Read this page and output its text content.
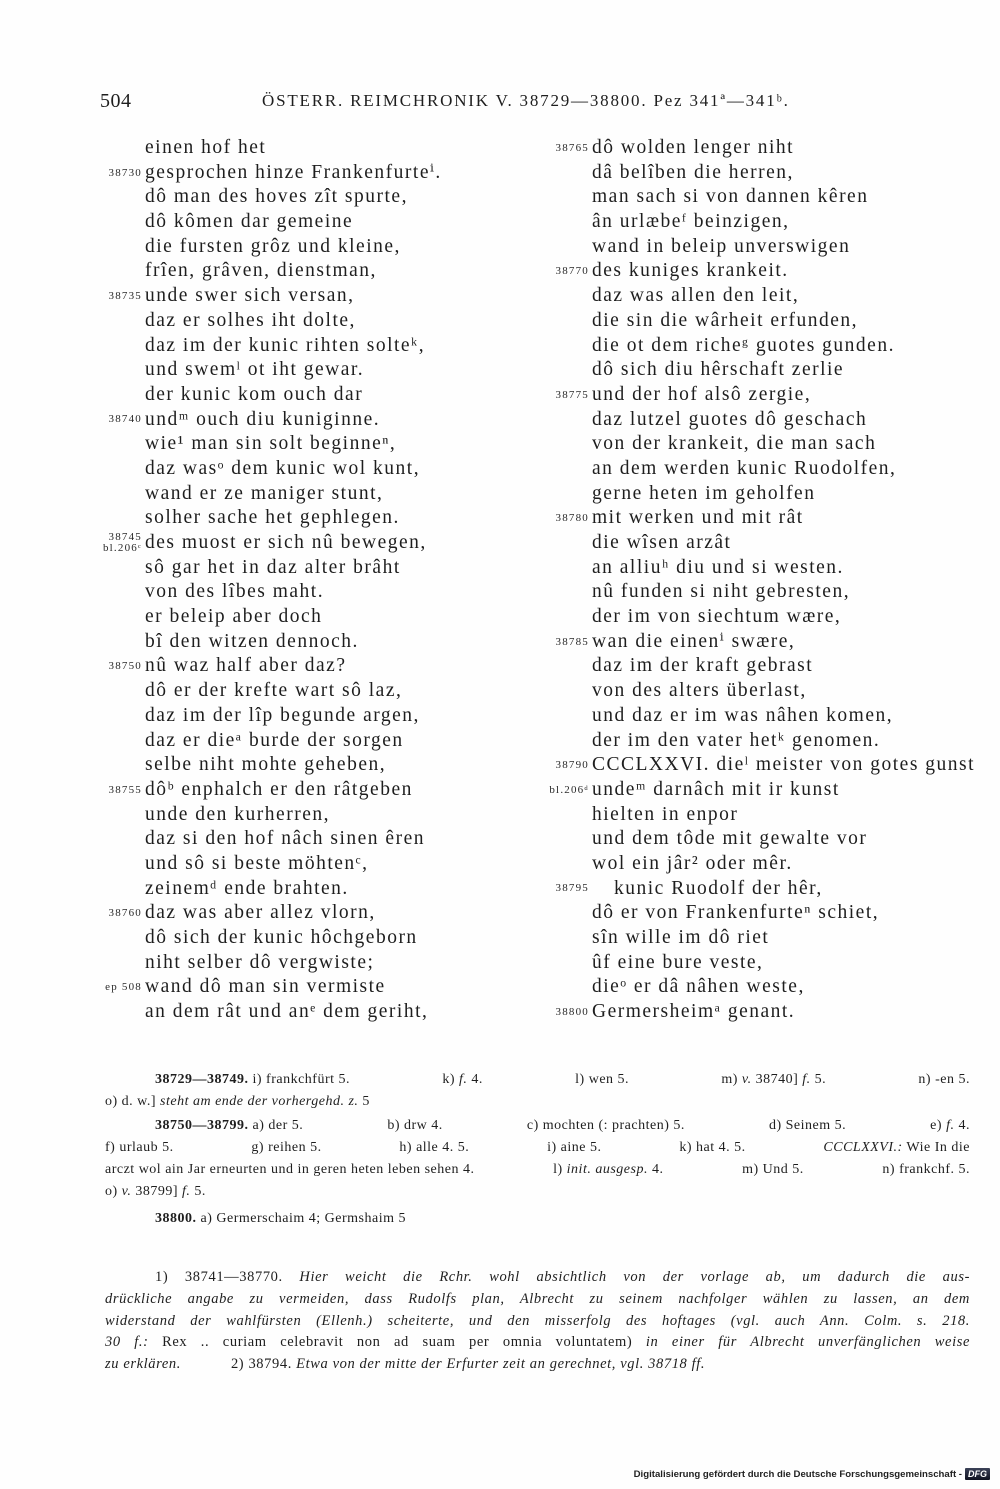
504	ÖSTERR. REIMCHRONIK V. 38729—38800. Pez 341ª—341ᵇ.
einen hof het
38730 gesprochen hinze Frankenfurteⁱ.
dô man des hoves zît spurte,
dô kômen dar gemeine
die fursten grôz und kleine,
frîen, grâven, dienstman,
38735 unde swer sich versan,
daz er solhes iht dolte,
daz im der kunic rihten solteᵏ,
und swemˡ ot iht gewar.
der kunic kom ouch dar
38740 undᵐ ouch diu kuniginne.
wie¹ man sin solt beginneⁿ,
daz wasᵒ dem kunic wol kunt,
wand er ze maniger stunt,
solher sache het gephlegen.
38745
bl.206ᶜ des muost er sich nû bewegen,
sô gar het in daz alter brâht
von des lîbes maht.
er beleip aber doch
bî den witzen dennoch.
38750 nû waz half aber daz?
dô er der krefte wart sô laz,
daz im der lîp begunde argen,
daz er dieᵃ burde der sorgen
selbe niht mohte geheben,
38755 dôᵇ enphalch er den râtgeben
unde den kurherren,
daz si den hof nâch sinen êren
und sô si beste möhtenᶜ,
zeinemᵈ ende brahten.
38760 daz was aber allez vlorn,
dô sich der kunic hôchgeborn
niht selber dô vergwiste;
ep 508 wand dô man sin vermiste
an dem rât und anᵉ dem geriht,
38765 dô wolden lenger niht
dâ belîben die herren,
man sach si von dannen kêren
ân urlæbeᶠ beinzigen,
wand in beleip unverswigen
38770 des kuniges krankeit.
daz was allen den leit,
die sin die wârheit erfunden,
die ot dem richeᵍ guotes gunden.
dô sich diu hêrschaft zerlie
38775 und der hof alsô zergie,
daz lutzel guotes dô geschach
von der krankeit, die man sach
an dem werden kunic Ruodolfen,
gerne heten im geholfen
38780 mit werken und mit rât
die wîsen arzât
an alliuʰ diu und si westen.
nû funden si niht gebresten,
der im von siechtum wære,
38785 wan die einenⁱ swære,
daz im der kraft gebrast
von des alters überlast,
und daz er im was nâhen komen,
der im den vater hetᵏ genomen.
38790 CCCLXXVI. dieˡ meister von gotes gunst
bl.206ᵈ undeᵐ darnâch mit ir kunst
hielten in enpor
und dem tôde mit gewalte vor
wol ein jâr² oder mêr.
38795 kunic Ruodolf der hêr,
dô er von Frankenfurteⁿ schiet,
sîn wille im dô riet
ûf eine bure veste,
dieᵒ er dâ nâhen weste,
38800 Germersheimᵃ genant.
38729—38749. i) frankchfürt 5.	k) f. 4.	l) wen 5.	m) v. 38740] f. 5.	n) -en 5.
o) d. w.] steht am ende der vorhergehd. z. 5
38750—38799. a) der 5.	b) drw 4.	c) mochten (: prachten) 5.	d) Seinem 5.	e) f. 4.
f) urlaub 5.	g) reihen 5.	h) alle 4. 5.	i) aine 5.	k) hat 4. 5.	CCCLXXVI.: Wie In die
arczt wol ain Jar erneurten und in geren heten leben sehen 4.	l) init. ausgesp. 4.	m) Und 5.	n) frankchf. 5.
o) v. 38799] f. 5.
38800. a) Germerschaim 4; Germshaim 5
1) 38741—38770. Hier weicht die Rchr. wohl absichtlich von der vorlage ab, um dadurch die aus-
drückliche angabe zu vermeiden, dass Rudolfs plan, Albrecht zu seinem nachfolger wählen zu lassen, an dem
widerstand der wahlfürsten (Ellenh.) scheiterte, und den misserfolg des hoftages (vgl. auch Ann. Colm. s. 218.
30 f.: Rex .. curiam celebravit non ad suam per omnia voluntatem) in einer für Albrecht unverfänglichen weise
zu erklären.	2) 38794. Etwa von der mitte der Erfurter zeit an gerechnet, vgl. 38718 ff.
Digitalisierung gefördert durch die Deutsche Forschungsgemeinschaft - DFG
